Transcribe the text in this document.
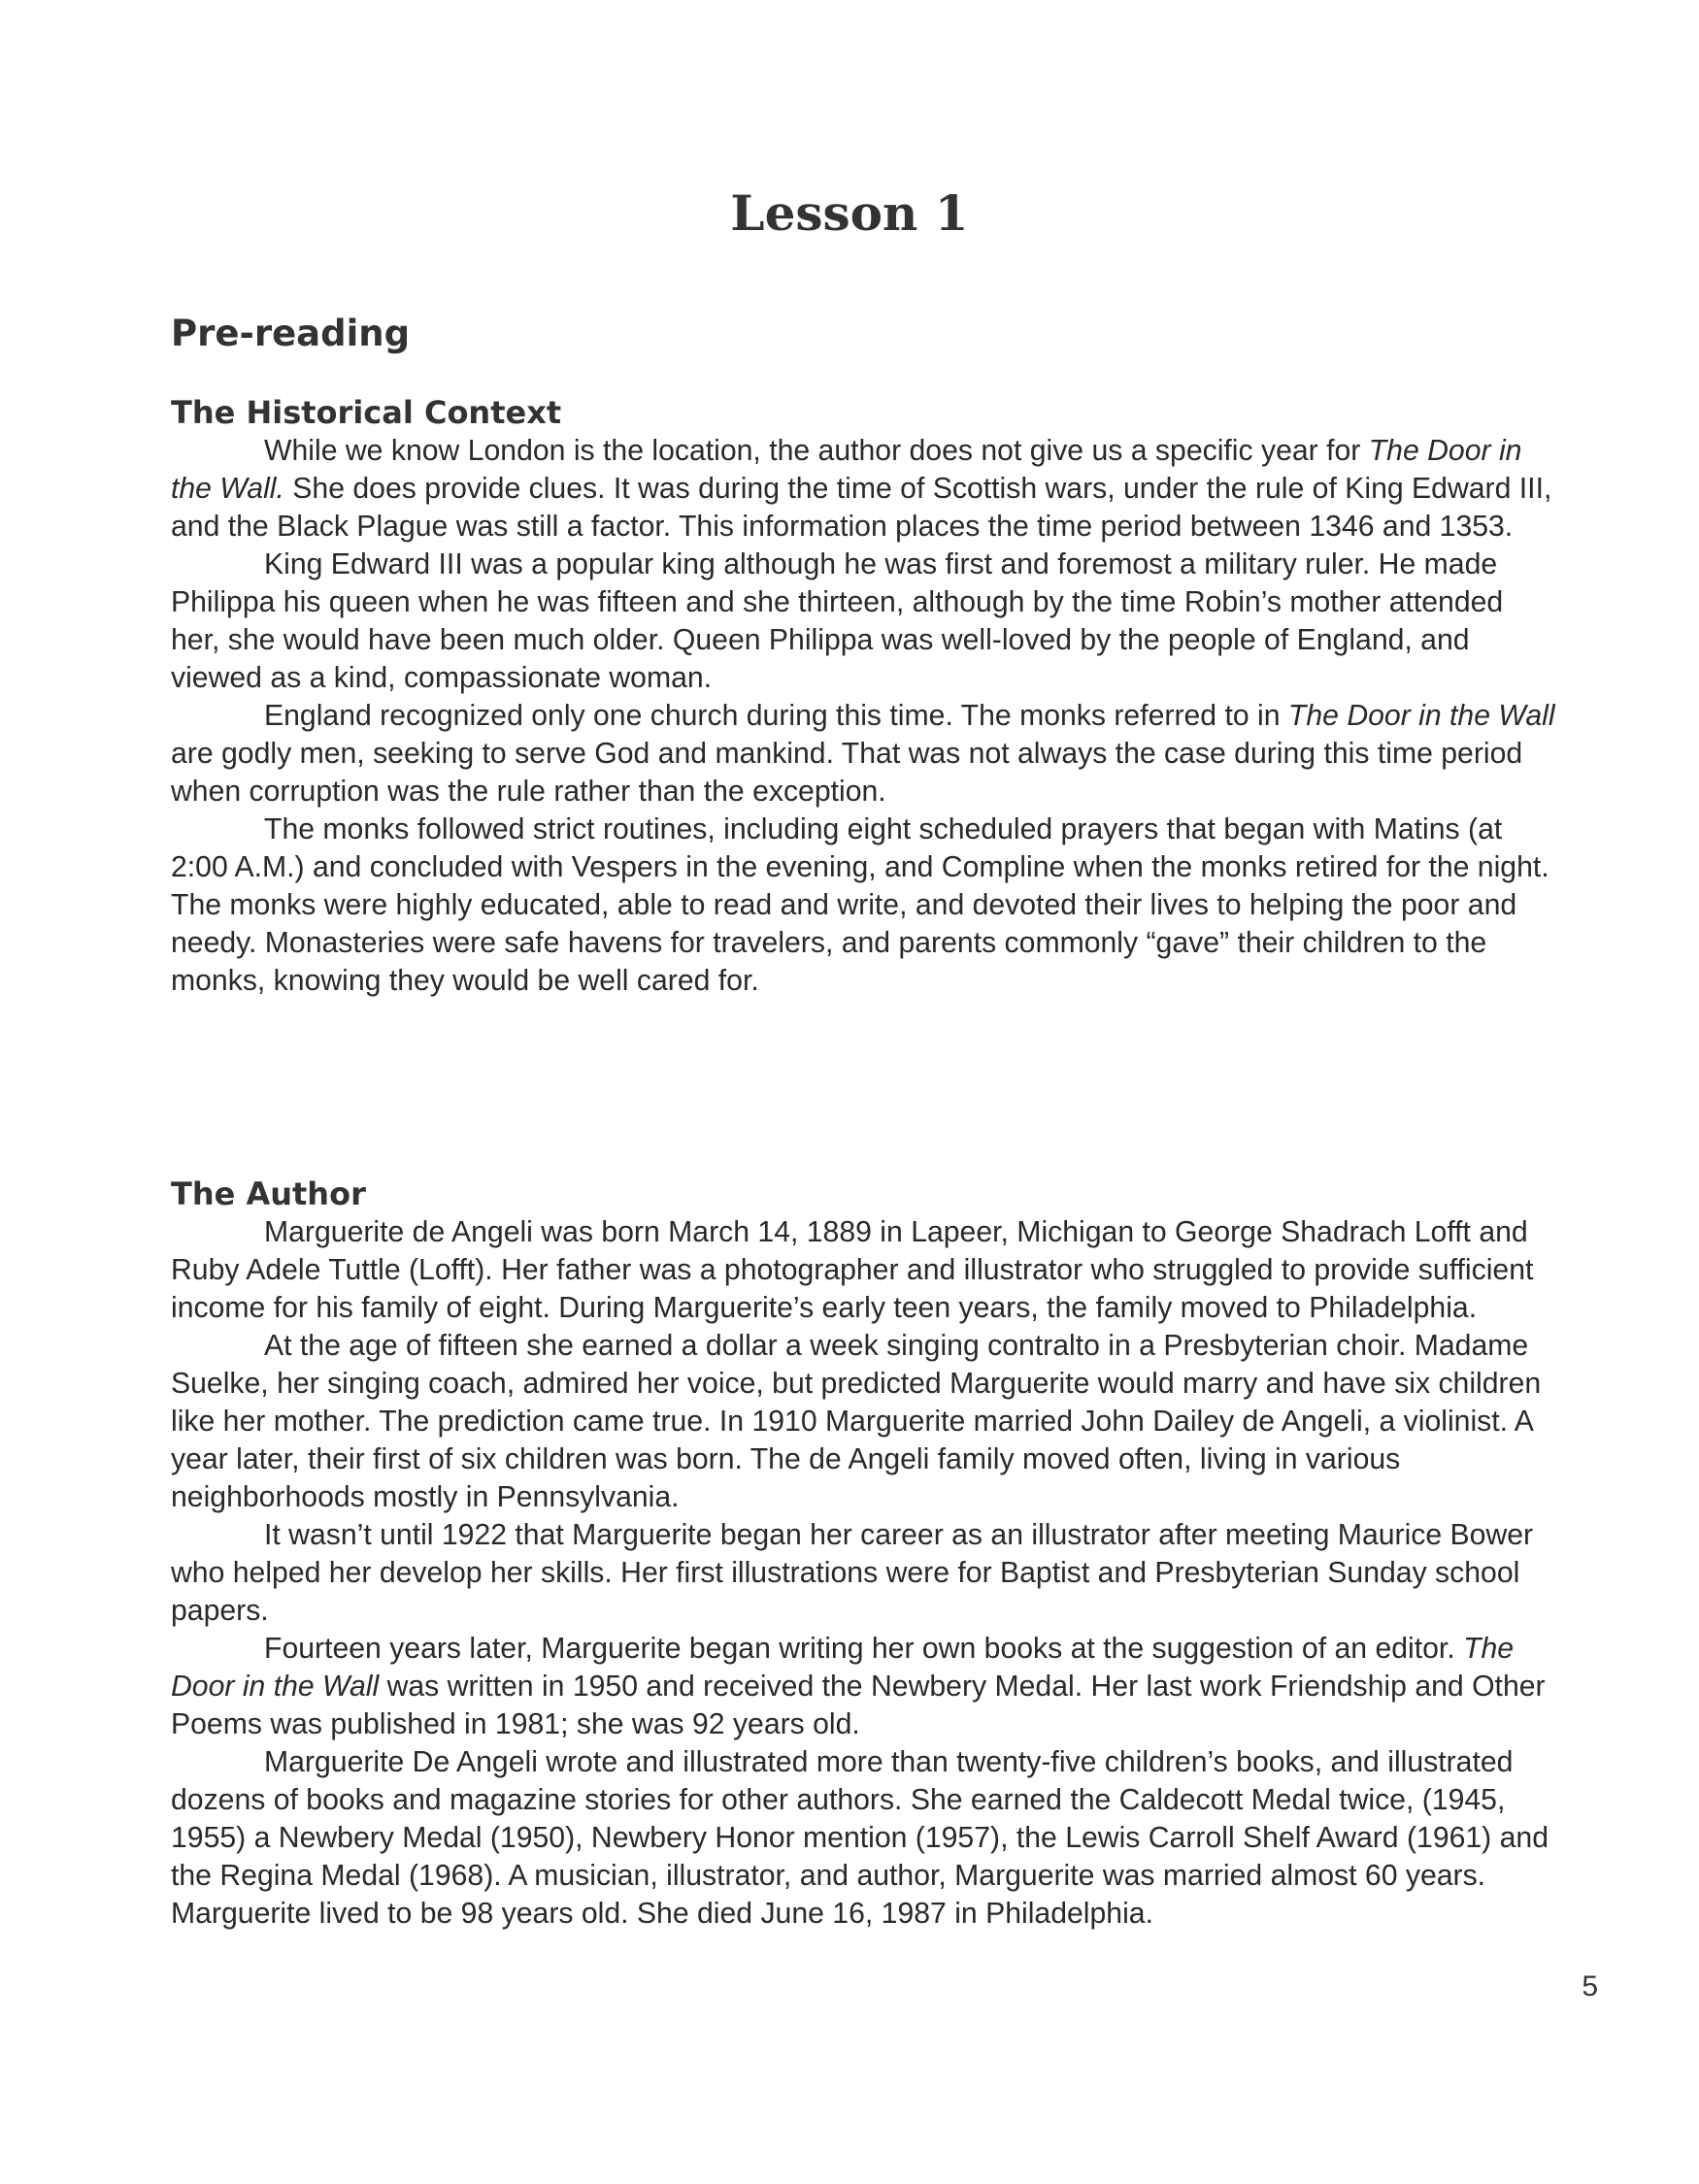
Lesson 1
Pre-reading
The Historical Context

While we know London is the location, the author does not give us a specific year for The Door in the Wall. She does provide clues. It was during the time of Scottish wars, under the rule of King Edward III, and the Black Plague was still a factor. This information places the time period between 1346 and 1353.

King Edward III was a popular king although he was first and foremost a military ruler. He made Philippa his queen when he was fifteen and she thirteen, although by the time Robin’s mother attended her, she would have been much older. Queen Philippa was well-loved by the people of England, and viewed as a kind, compassionate woman.

England recognized only one church during this time. The monks referred to in The Door in the Wall are godly men, seeking to serve God and mankind. That was not always the case during this time period when corruption was the rule rather than the exception.

The monks followed strict routines, including eight scheduled prayers that began with Matins (at 2:00 A.M.) and concluded with Vespers in the evening, and Compline when the monks retired for the night. The monks were highly educated, able to read and write, and devoted their lives to helping the poor and needy. Monasteries were safe havens for travelers, and parents commonly “gave” their children to the monks, knowing they would be well cared for.

The Author

Marguerite de Angeli was born March 14, 1889 in Lapeer, Michigan to George Shadrach Lofft and Ruby Adele Tuttle (Lofft). Her father was a photographer and illustrator who struggled to provide sufficient income for his family of eight. During Marguerite’s early teen years, the family moved to Philadelphia.

At the age of fifteen she earned a dollar a week singing contralto in a Presbyterian choir. Madame Suelke, her singing coach, admired her voice, but predicted Marguerite would marry and have six children like her mother. The prediction came true. In 1910 Marguerite married John Dailey de Angeli, a violinist. A year later, their first of six children was born. The de Angeli family moved often, living in various neighborhoods mostly in Pennsylvania.

It wasn’t until 1922 that Marguerite began her career as an illustrator after meeting Maurice Bower who helped her develop her skills. Her first illustrations were for Baptist and Presbyterian Sunday school papers.

Fourteen years later, Marguerite began writing her own books at the suggestion of an editor. The Door in the Wall was written in 1950 and received the Newbery Medal. Her last work Friendship and Other Poems was published in 1981; she was 92 years old.

Marguerite De Angeli wrote and illustrated more than twenty-five children’s books, and illustrated dozens of books and magazine stories for other authors. She earned the Caldecott Medal twice, (1945, 1955) a Newbery Medal (1950), Newbery Honor mention (1957), the Lewis Carroll Shelf Award (1961) and the Regina Medal (1968). A musician, illustrator, and author, Marguerite was married almost 60 years. Marguerite lived to be 98 years old. She died June 16, 1987 in Philadelphia.

5
